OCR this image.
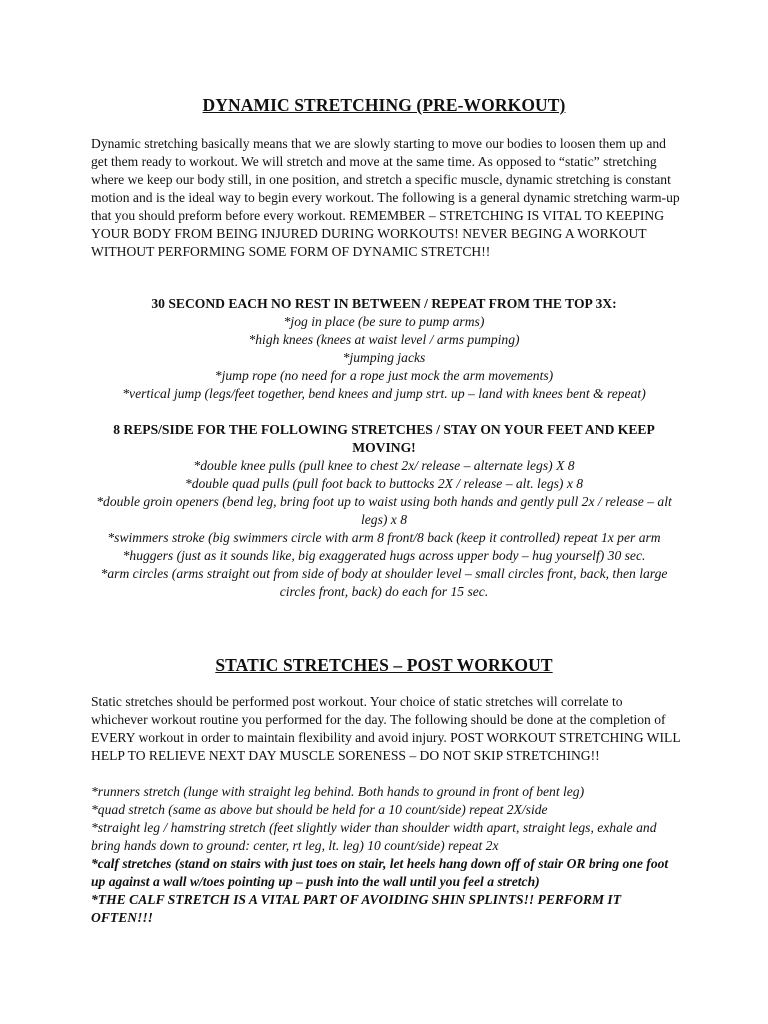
DYNAMIC STRETCHING (PRE-WORKOUT)

Dynamic stretching basically means that we are slowly starting to move our bodies to loosen them up and get them ready to workout. We will stretch and move at the same time. As opposed to “static” stretching where we keep our body still, in one position, and stretch a specific muscle, dynamic stretching is constant motion and is the ideal way to begin every workout. The following is a general dynamic stretching warm-up that you should preform before every workout. REMEMBER – STRETCHING IS VITAL TO KEEPING YOUR BODY FROM BEING INJURED DURING WORKOUTS! NEVER BEGING A WORKOUT WITHOUT PERFORMING SOME FORM OF DYNAMIC STRETCH!!

30 SECOND EACH NO REST IN BETWEEN / REPEAT FROM THE TOP 3X:

*jog in place (be sure to pump arms)

*high knees (knees at waist level / arms pumping)

*jumping jacks

*jump rope (no need for a rope just mock the arm movements)

*vertical jump (legs/feet together, bend knees and jump strt. up – land with knees bent & repeat)

8 REPS/SIDE FOR THE FOLLOWING STRETCHES / STAY ON YOUR FEET AND KEEP MOVING!

*double knee pulls (pull knee to chest 2x/ release – alternate legs) X 8

*double quad pulls (pull foot back to buttocks 2X / release – alt. legs) x 8

*double groin openers (bend leg, bring foot up to waist using both hands and gently pull 2x / release – alt legs) x 8

*swimmers stroke (big swimmers circle with arm 8 front/8 back (keep it controlled) repeat 1x per arm

*huggers (just as it sounds like, big exaggerated hugs across upper body – hug yourself) 30 sec.

*arm circles (arms straight out from side of body at shoulder level – small circles front, back, then large circles front, back) do each for 15 sec.

STATIC STRETCHES – POST WORKOUT

Static stretches should be performed post workout. Your choice of static stretches will correlate to whichever workout routine you performed for the day. The following should be done at the completion of EVERY workout in order to maintain flexibility and avoid injury. POST WORKOUT STRETCHING WILL HELP TO RELIEVE NEXT DAY MUSCLE SORENESS – DO NOT SKIP STRETCHING!!

*runners stretch (lunge with straight leg behind. Both hands to ground in front of bent leg)

*quad stretch (same as above but should be held for a 10 count/side) repeat 2X/side

*straight leg / hamstring stretch (feet slightly wider than shoulder width apart, straight legs, exhale and bring hands down to ground: center, rt leg, lt. leg) 10 count/side) repeat 2x

*calf stretches (stand on stairs with just toes on stair, let heels hang down off of stair OR bring one foot up against a wall w/toes pointing up – push into the wall until you feel a stretch)

*THE CALF STRETCH IS A VITAL PART OF AVOIDING SHIN SPLINTS!! PERFORM IT OFTEN!!!
